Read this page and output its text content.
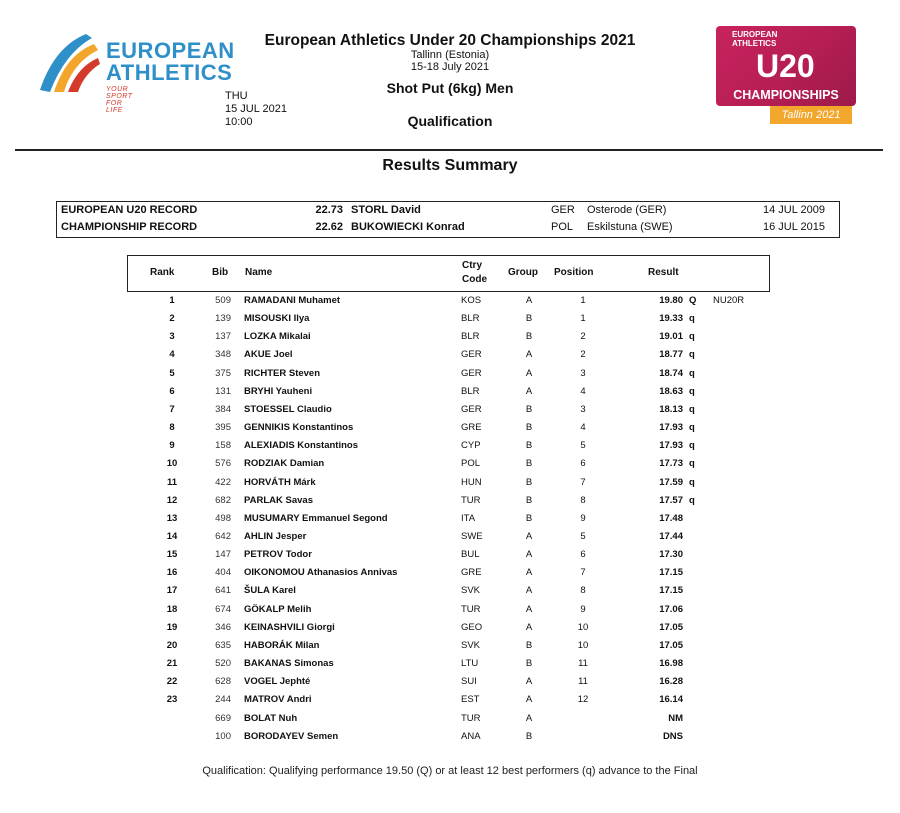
EUROPEAN
ATHLETICS
YOUR SPORT FOR LIFE
European Athletics Under 20 Championships 2021
Tallinn (Estonia)
15-18 July 2021
Shot Put (6kg) Men
Qualification
THU
15 JUL 2021
10:00
EUROPEAN
ATHLETICS
U20
CHAMPIONSHIPS
Tallinn 2021
Results Summary
EUROPEAN U20 RECORD	22.73 STORL David	GER Osterode (GER)	14 JUL 2009
CHAMPIONSHIP RECORD	22.62 BUKOWIECKI Konrad	POL Eskilstuna (SWE)	16 JUL 2015
Rank	Bib Name
Ctry
Code
Group Position	Result
1	509 RAMADANI Muhamet	KOS	A	1	19.80 Q NU20R
2	139 MISOUSKI Ilya	BLR	B	1	19.33 q
3	137 LOZKA Mikalai	BLR	B	2	19.01 q
4	348 AKUE Joel	GER	A	2	18.77 q
5	375 RICHTER Steven	GER	A	3	18.74 q
6	131 BRYHI Yauheni	BLR	A	4	18.63 q
7	384 STOESSEL Claudio	GER	B	3	18.13 q
8	395 GENNIKIS Konstantinos	GRE	B	4	17.93 q
9	158 ALEXIADIS Konstantinos	CYP	B	5	17.93 q
10	576 RODZIAK Damian	POL	B	6	17.73 q
11	422 HORVÁTH Márk	HUN	B	7	17.59 q
12	682 PARLAK Savas	TUR	B	8	17.57 q
13	498 MUSUMARY Emmanuel Segond	ITA	B	9	17.48
14	642 AHLIN Jesper	SWE	A	5	17.44
15	147 PETROV Todor	BUL	A	6	17.30
16	404 OIKONOMOU Athanasios Annivas	GRE	A	7	17.15
17	641 ŠULA Karel	SVK	A	8	17.15
18	674 GÖKALP Melih	TUR	A	9	17.06
19	346 KEINASHVILI Giorgi	GEO	A	10	17.05
20	635 HABORÁK Milan	SVK	B	10	17.05
21	520 BAKANAS Simonas	LTU	B	11	16.98
22	628 VOGEL Jephté	SUI	A	11	16.28
23	244 MATROV Andri	EST	A	12	16.14
669 BOLAT Nuh	TUR	A	NM
100 BORODAYEV Semen	ANA	B	DNS
Qualification: Qualifying performance 19.50 (Q) or at least 12 best performers (q) advance to the Final
